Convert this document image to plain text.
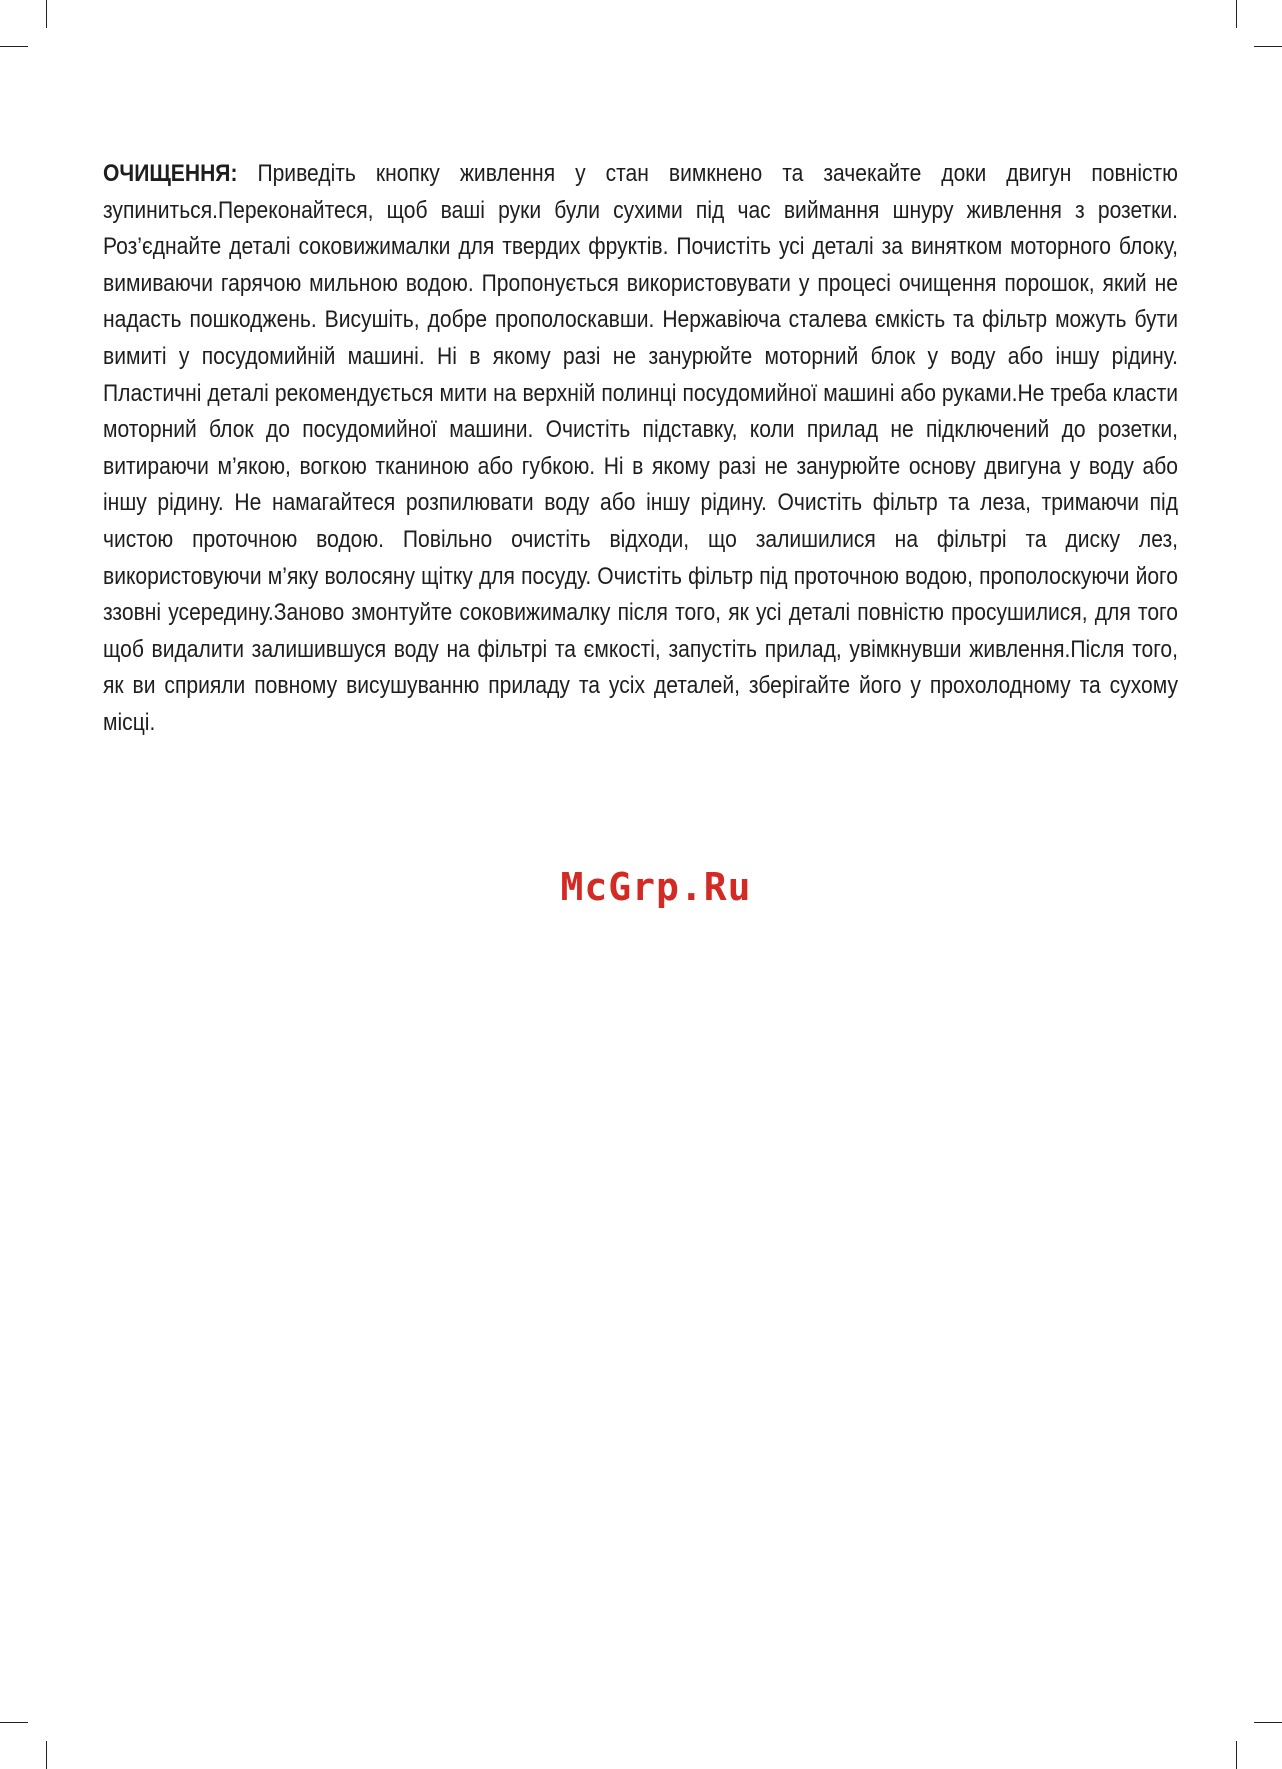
ОЧИЩЕННЯ: Приведіть кнопку живлення у стан вимкнено та зачекайте доки двигун повністю зупиниться.Переконайтеся, щоб ваші руки були сухими під час виймання шнуру живлення з розетки. Роз’єднайте деталі соковижималки для твердих фруктів. Почистіть усі деталі за винятком моторного блоку, вимиваючи гарячою мильною водою. Пропонується використовувати у процесі очищення порошок, який не надасть пошкоджень. Висушіть, добре прополоскавши. Нержавіюча сталева ємкість та фільтр можуть бути вимиті у посудомийній машині. Ні в якому разі не занурюйте моторний блок у воду або іншу рідину. Пластичні деталі рекомендується мити на верхній полинці посудомийної машині або руками.Не треба класти моторний блок до посудомийної машини. Очистіть підставку, коли прилад не підключений до розетки, витираючи м’якою, вогкою тканиною або губкою. Ні в якому разі не занурюйте основу двигуна у воду або іншу рідину. Не намагайтеся розпилювати воду або іншу рідину. Очистіть фільтр та леза, тримаючи під чистою проточною водою. Повільно очистіть відходи, що залишилися на фільтрі та диску лез, використовуючи м’яку волосяну щітку для посуду. Очистіть фільтр під проточною водою, прополоскуючи його ззовні усередину.Заново змонтуйте соковижималку після того, як усі деталі повністю просушилися, для того щоб видалити залишившуся воду на фільтрі та ємкості, запустіть прилад, увімкнувши живлення.Після того, як ви сприяли повному висушуванню приладу та усіх деталей, зберігайте його у прохолодному та сухому місці.

McGrp.Ru
